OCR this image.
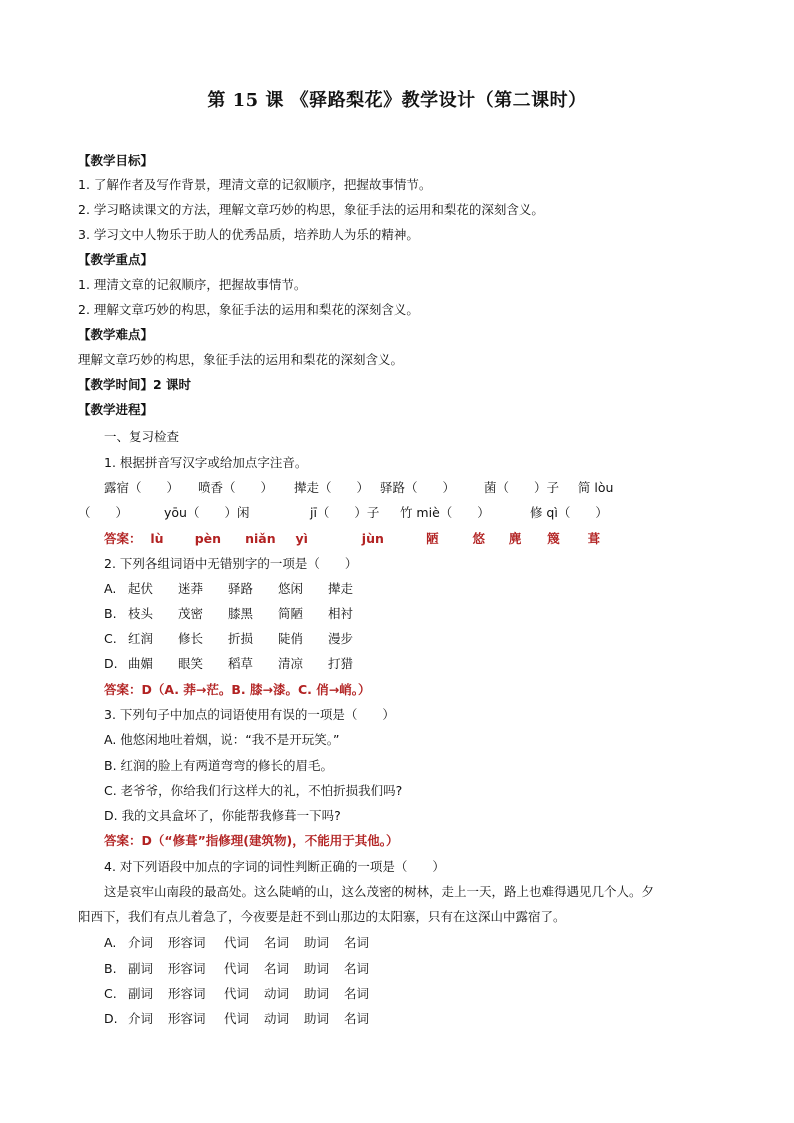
第 15 课 《驿路梨花》教学设计（第二课时）
【教学目标】
1. 了解作者及写作背景，理清文章的记叙顺序，把握故事情节。
2. 学习略读课文的方法，理解文章巧妙的构思，象征手法的运用和梨花的深刻含义。
3. 学习文中人物乐于助人的优秀品质，培养助人为乐的精神。
【教学重点】
1. 理清文章的记叙顺序，把握故事情节。
2. 理解文章巧妙的构思，象征手法的运用和梨花的深刻含义。
【教学难点】
理解文章巧妙的构思，象征手法的运用和梨花的深刻含义。
【教学时间】2 课时
【教学进程】
一、复习检查
1. 根据拼音写汉字或给加点字注音。
露宿（　　） 喷香（　　） 撵走（　　） 驿路（　　） 菌（　　）子 简 lòu
（　　）	yōu（　　）闲	jī（　　）子 竹 miè（　　）	修 qì（　　）
答案： lù pèn niǎn yì	jùn	陋	悠 麂 篾 葺
2. 下列各组词语中无错别字的一项是（　　）
A. 起伏 迷莽 驿路 悠闲 撵走
B. 枝头 茂密 膝黑 简陋 相衬
C. 红润 修长 折损 陡俏 漫步
D. 曲媚 眼笑 稻草 清凉 打猎
答案：D（A. 莽→茫。B. 膝→漆。C. 俏→峭。）
3. 下列句子中加点的词语使用有误的一项是（　　）
A. 他悠闲地吐着烟，说：“我不是开玩笑。”
B. 红润的脸上有两道弯弯的修长的眉毛。
C. 老爷爷，你给我们行这样大的礼，不怕折损我们吗?
D. 我的文具盒坏了，你能帮我修葺一下吗?
答案：D（“修葺”指修理(建筑物)，不能用于其他。）
4. 对下列语段中加点的字词的词性判断正确的一项是（　　）
这是哀牢山南段的最高处。这么陡峭的山，这么茂密的树林，走上一天，路上也难得遇见几个人。夕
阳西下，我们有点儿着急了，今夜要是赶不到山那边的太阳寨，只有在这深山中露宿了。
A. 介词 形容词 代词 名词 助词 名词
B. 副词 形容词 代词 名词 助词 名词
C. 副词 形容词 代词 动词 助词 名词
D. 介词 形容词 代词 动词 助词 名词
